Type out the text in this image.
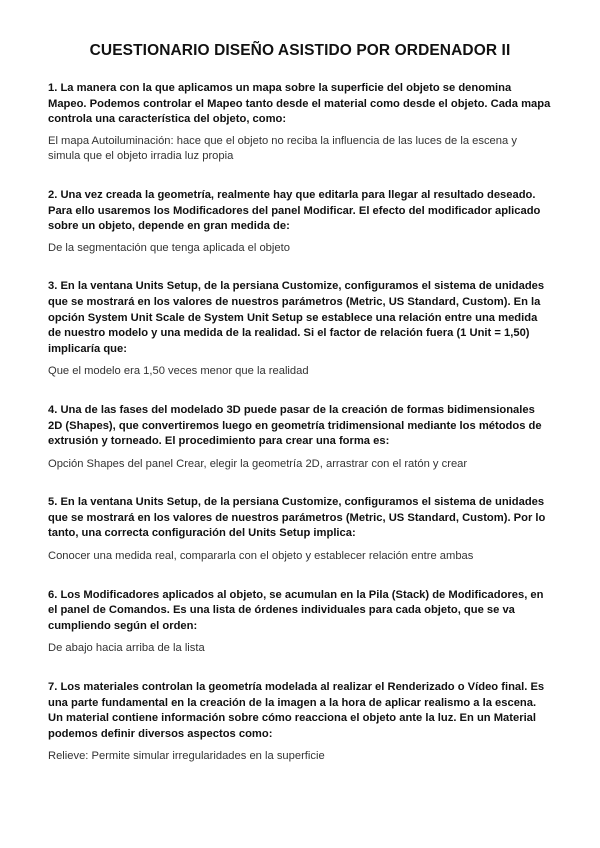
CUESTIONARIO DISEÑO ASISTIDO POR ORDENADOR II

1. La manera con la que aplicamos un mapa sobre la superficie del objeto se denomina Mapeo. Podemos controlar el Mapeo tanto desde el material como desde el objeto. Cada mapa controla una característica del objeto, como:

El mapa Autoiluminación: hace que el objeto no reciba la influencia de las luces de la escena y simula que el objeto irradia luz propia

2. Una vez creada la geometría, realmente hay que editarla para llegar al resultado deseado. Para ello usaremos los Modificadores del panel Modificar. El efecto del modificador aplicado sobre un objeto, depende en gran medida de:

De la segmentación que tenga aplicada el objeto

3. En la ventana Units Setup, de la persiana Customize, configuramos el sistema de unidades que se mostrará en los valores de nuestros parámetros (Metric, US Standard, Custom). En la opción System Unit Scale de System Unit Setup se establece una relación entre una medida de nuestro modelo y una medida de la realidad. Si el factor de relación fuera (1 Unit = 1,50) implicaría que:

Que el modelo era 1,50 veces menor que la realidad

4. Una de las fases del modelado 3D puede pasar de la creación de formas bidimensionales 2D (Shapes), que convertiremos luego en geometría tridimensional mediante los métodos de extrusión y torneado. El procedimiento para crear una forma es:

Opción Shapes del panel Crear, elegir la geometría 2D, arrastrar con el ratón y crear

5. En la ventana Units Setup, de la persiana Customize, configuramos el sistema de unidades que se mostrará en los valores de nuestros parámetros (Metric, US Standard, Custom). Por lo tanto, una correcta configuración del Units Setup implica:

Conocer una medida real, compararla con el objeto y establecer relación entre ambas

6. Los Modificadores aplicados al objeto, se acumulan en la Pila (Stack) de Modificadores, en el panel de Comandos. Es una lista de órdenes individuales para cada objeto, que se va cumpliendo según el orden:

De abajo hacia arriba de la lista

7. Los materiales controlan la geometría modelada al realizar el Renderizado o Vídeo final. Es una parte fundamental en la creación de la imagen a la hora de aplicar realismo a la escena. Un material contiene información sobre cómo reacciona el objeto ante la luz. En un Material podemos definir diversos aspectos como:

Relieve: Permite simular irregularidades en la superficie
